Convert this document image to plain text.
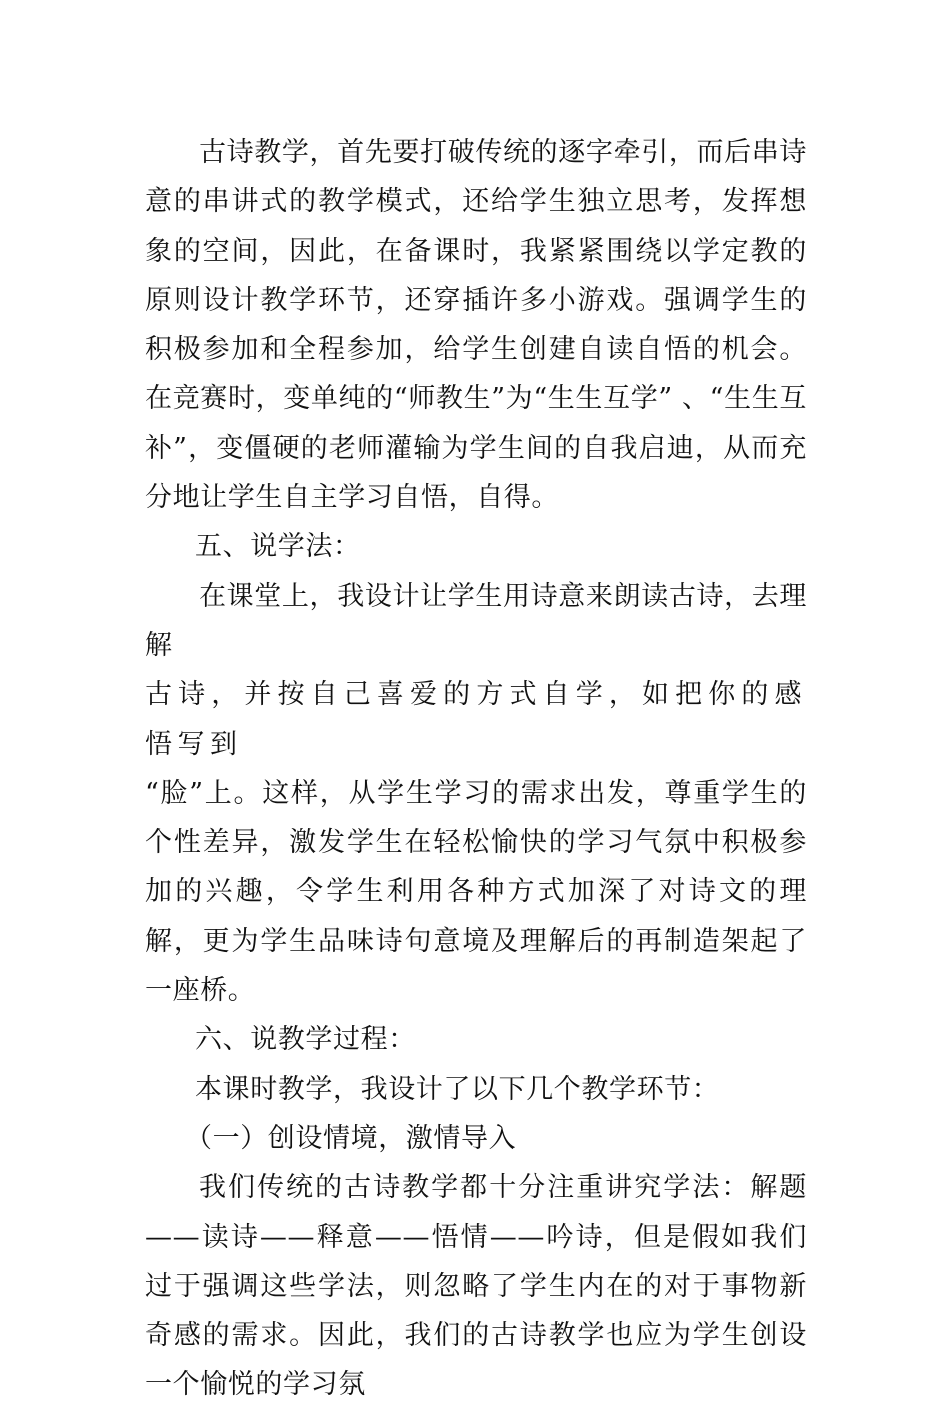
古诗教学，首先要打破传统的逐字牵引，而后串诗意的串讲式的教学模式，还给学生独立思考，发挥想象的空间，因此，在备课时，我紧紧围绕以学定教的原则设计教学环节，还穿插许多小游戏。强调学生的积极参加和全程参加，给学生创建自读自悟的机会。在竞赛时，变单纯的“师教生”为“生生互学” 、“生生互补”，变僵硬的老师灌输为学生间的自我启迪，从而充分地让学生自主学习自悟，自得。

五、说学法：

在课堂上，我设计让学生用诗意来朗读古诗，去理解

古诗，并按自己喜爱的方式自学，如把你的感悟写到

“脸”上。这样，从学生学习的需求出发，尊重学生的个性差异，激发学生在轻松愉快的学习气氛中积极参加的兴趣，令学生利用各种方式加深了对诗文的理解，更为学生品味诗句意境及理解后的再制造架起了一座桥。

六、说教学过程：

本课时教学，我设计了以下几个教学环节：

（一）创设情境，激情导入

我们传统的古诗教学都十分注重讲究学法：解题——读诗——释意——悟情——吟诗，但是假如我们过于强调这些学法，则忽略了学生内在的对于事物新奇感的需求。因此，我们的古诗教学也应为学生创设一个愉悦的学习氛
